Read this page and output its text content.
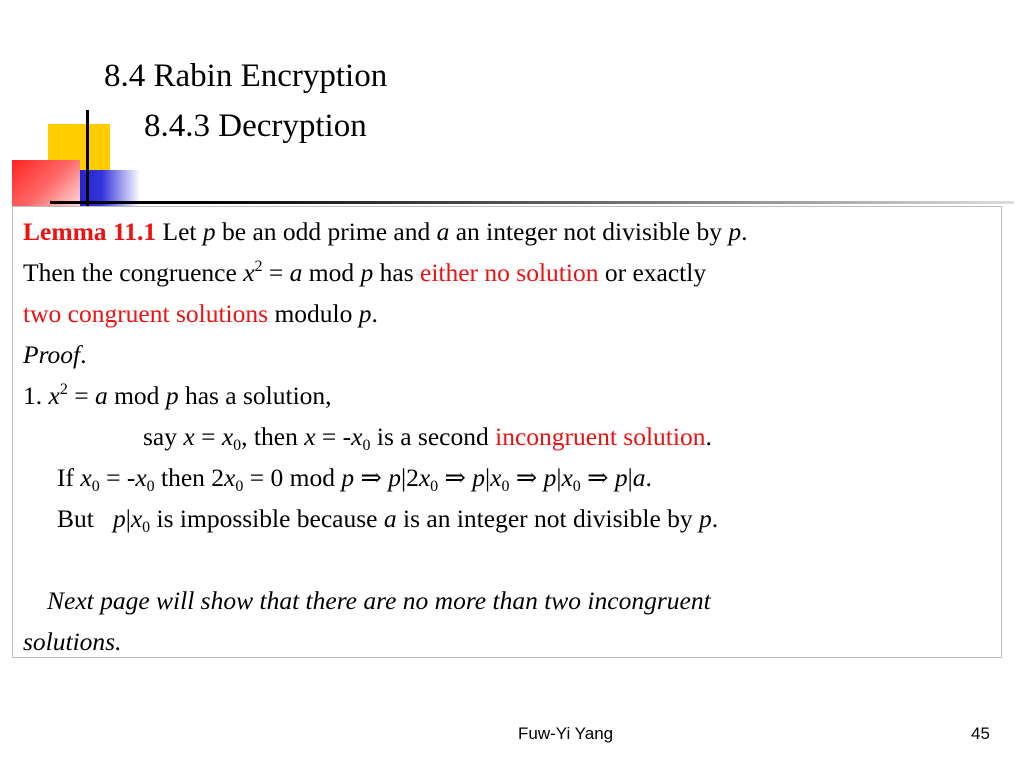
8.4 Rabin Encryption
8.4.3 Decryption
Lemma 11.1 Let p be an odd prime and a an integer not divisible by p.
Then the congruence $x^2 = a$ mod p has either no solution or exactly
two congruent solutions modulo p.
Proof.
1. $x^2 = a$ mod p has a solution,
say $x = x_0$, then $x = -x_0$ is a second incongruent solution.
If $x_0 = -x_0$ then $2x_0 = 0$ mod p ⇒ $p|2x_0$ ⇒ $p|x_0$ ⇒ $p|x_0$ ⇒ p|a.
But $p|x_0$ is impossible because a is an integer not divisible by p.
Next page will show that there are no more than two incongruent
solutions.
Fuw-Yi Yang	45
